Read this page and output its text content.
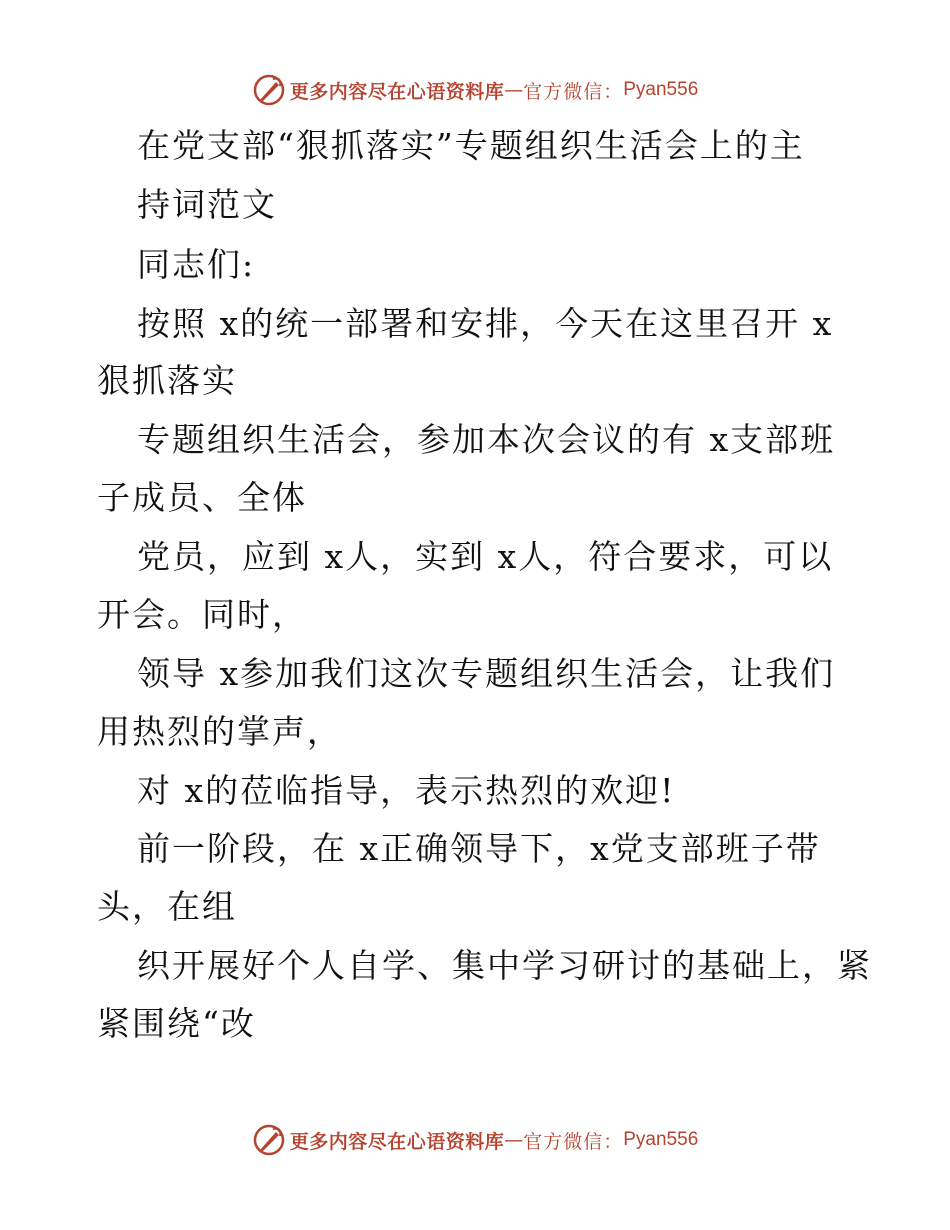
更多内容尽在心语资料库 — 官方微信： Pyan556
在党支部“狠抓落实”专题组织生活会上的主
持词范文
同志们:
按照 x的统一部署和安排，今天在这里召开 x
狠抓落实
专题组织生活会，参加本次会议的有 x支部班
子成员、全体
党员，应到 x人，实到 x人，符合要求，可以
开会。同时，
领导 x参加我们这次专题组织生活会，让我们
用热烈的掌声，
对 x的莅临指导，表示热烈的欢迎!
前一阶段，在 x正确领导下，x党支部班子带
头，在组
织开展好个人自学、集中学习研讨的基础上，紧
紧围绕“改
更多内容尽在心语资料库 — 官方微信： Pyan556
